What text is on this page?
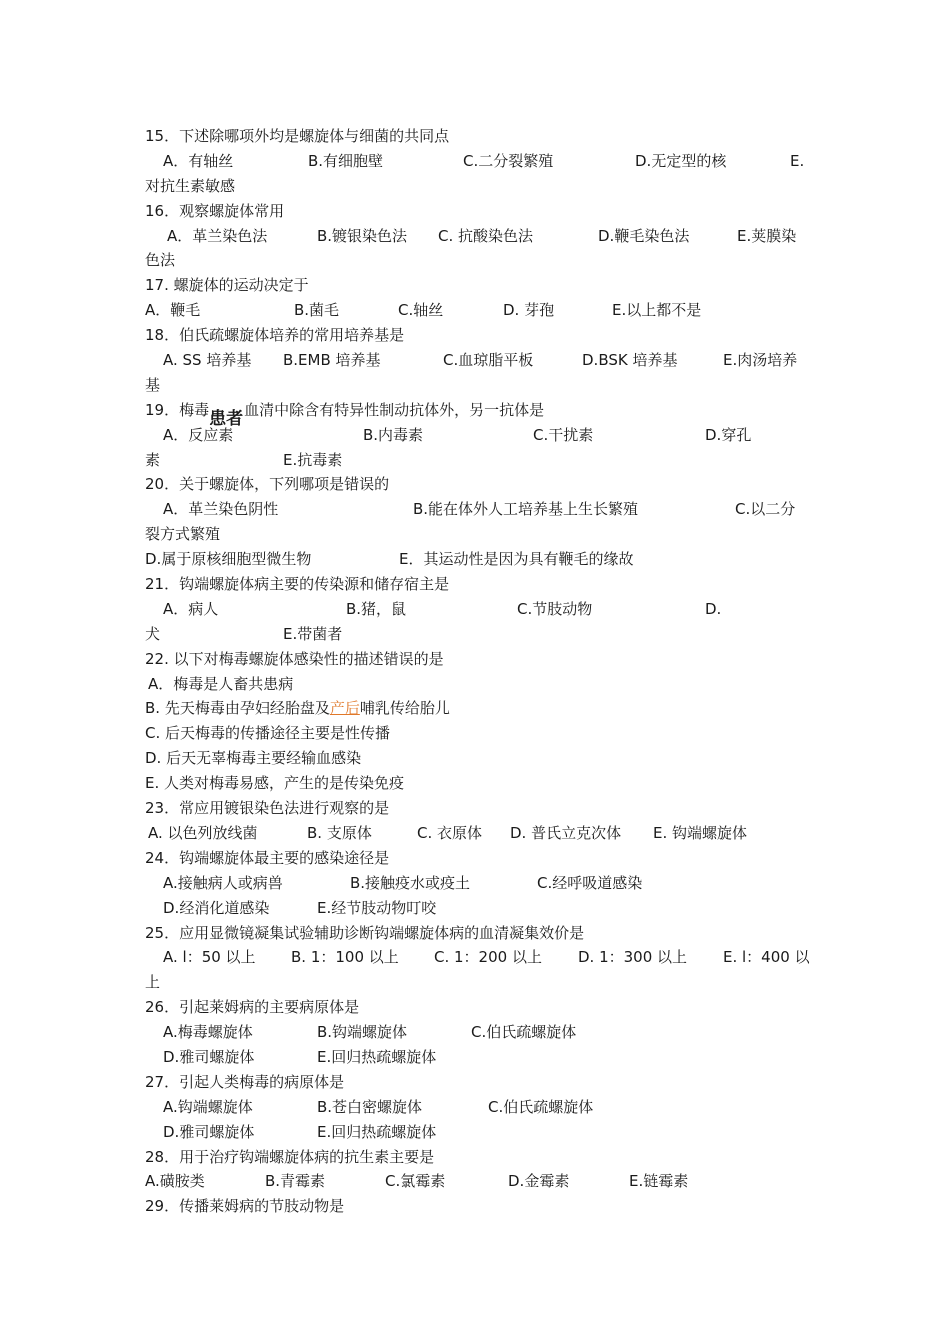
15．下述除哪项外均是螺旋体与细菌的共同点
A．有轴丝	B.有细胞壁	C.二分裂繁殖	D.无定型的核	E.
对抗生素敏感
16．观察螺旋体常用
A．革兰染色法	B.镀银染色法 C. 抗酸染色法	D.鞭毛染色法	E.荚膜染
色法
17. 螺旋体的运动决定于
A．鞭毛	B.菌毛	C.轴丝	D. 芽孢	E.以上都不是
18．伯氏疏螺旋体培养的常用培养基是
A. SS 培养基 B.EMB 培养基	C.血琼脂平板	D.BSK 培养基	E.肉汤培养
基
19．梅毒 患者 血清中除含有特异性制动抗体外，另一抗体是
A．反应素	B.内毒素	C.干扰素	D.穿孔
素	E.抗毒素
20．关于螺旋体，下列哪项是错误的
A．革兰染色阴性	B.能在体外人工培养基上生长繁殖	C.以二分
裂方式繁殖
D.属于原核细胞型微生物	E．其运动性是因为具有鞭毛的缘故
21．钩端螺旋体病主要的传染源和储存宿主是
A．病人	B.猪，鼠	C.节肢动物	D.
犬	E.带菌者
22. 以下对梅毒螺旋体感染性的描述错误的是
A．梅毒是人畜共患病
B. 先天梅毒由孕妇经胎盘及产后哺乳传给胎儿
C. 后天梅毒的传播途径主要是性传播
D. 后天无辜梅毒主要经输血感染
E. 人类对梅毒易感，产生的是传染免疫
23．常应用镀银染色法进行观察的是
A. 以色列放线菌	B. 支原体	C. 衣原体 D. 普氏立克次体 E. 钩端螺旋体
24．钩端螺旋体最主要的感染途径是
A.接触病人或病兽	B.接触疫水或疫土	C.经呼吸道感染
D.经消化道感染	E.经节肢动物叮咬
25．应用显微镜凝集试验辅助诊断钩端螺旋体病的血清凝集效价是
A. l：50 以上 B. 1：100 以上 C. 1：200 以上 D. 1：300 以上 E. l：400 以
上
26．引起莱姆病的主要病原体是
A.梅毒螺旋体	B.钩端螺旋体	C.伯氏疏螺旋体
D.雅司螺旋体	E.回归热疏螺旋体
27．引起人类梅毒的病原体是
A.钩端螺旋体	B.苍白密螺旋体	C.伯氏疏螺旋体
D.雅司螺旋体	E.回归热疏螺旋体
28．用于治疗钩端螺旋体病的抗生素主要是
A.磺胺类	B.青霉素	C.氯霉素	D.金霉素	E.链霉素
29．传播莱姆病的节肢动物是
